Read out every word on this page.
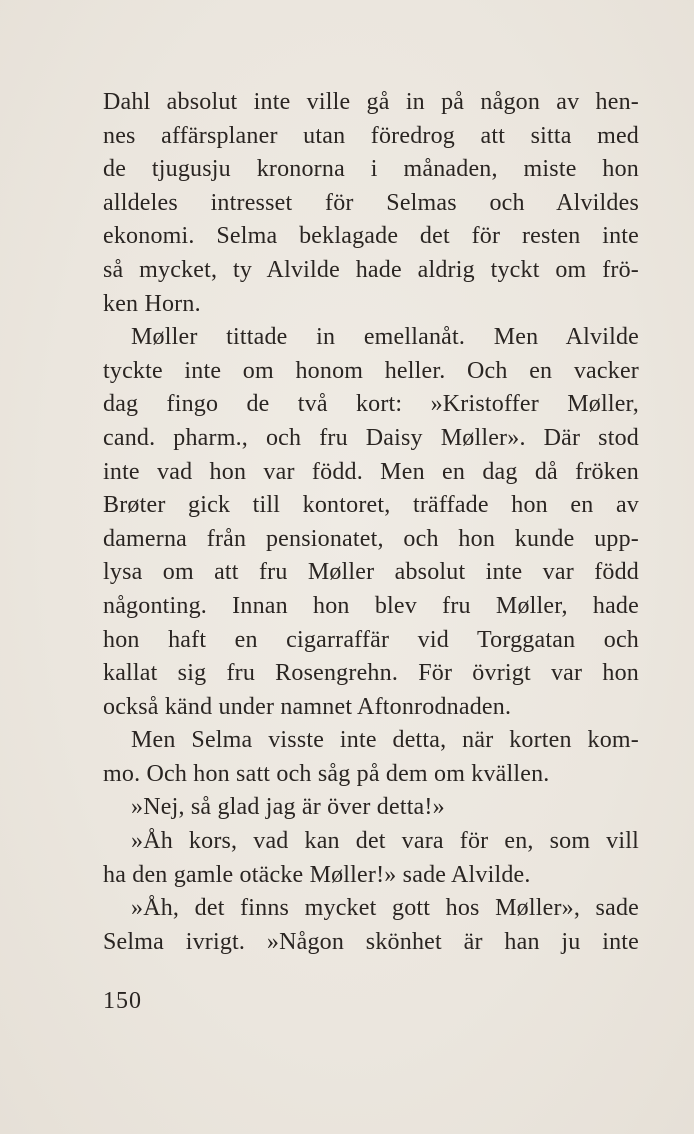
Dahl absolut inte ville gå in på någon av hen-
nes affärsplaner utan föredrog att sitta med
de tjugusju kronorna i månaden, miste hon
alldeles intresset för Selmas och Alvildes
ekonomi. Selma beklagade det för resten inte
så mycket, ty Alvilde hade aldrig tyckt om frö-
ken Horn.
Møller tittade in emellanåt. Men Alvilde
tyckte inte om honom heller. Och en vacker
dag fingo de två kort: »Kristoffer Møller,
cand. pharm., och fru Daisy Møller». Där stod
inte vad hon var född. Men en dag då fröken
Brøter gick till kontoret, träffade hon en av
damerna från pensionatet, och hon kunde upp-
lysa om att fru Møller absolut inte var född
någonting. Innan hon blev fru Møller, hade
hon haft en cigarraffär vid Torggatan och
kallat sig fru Rosengrehn. För övrigt var hon
också känd under namnet Aftonrodnaden.
Men Selma visste inte detta, när korten kom-
mo. Och hon satt och såg på dem om kvällen.
»Nej, så glad jag är över detta!»
»Åh kors, vad kan det vara för en, som vill
ha den gamle otäcke Møller!» sade Alvilde.
»Åh, det finns mycket gott hos Møller», sade
Selma ivrigt. »Någon skönhet är han ju inte
150
